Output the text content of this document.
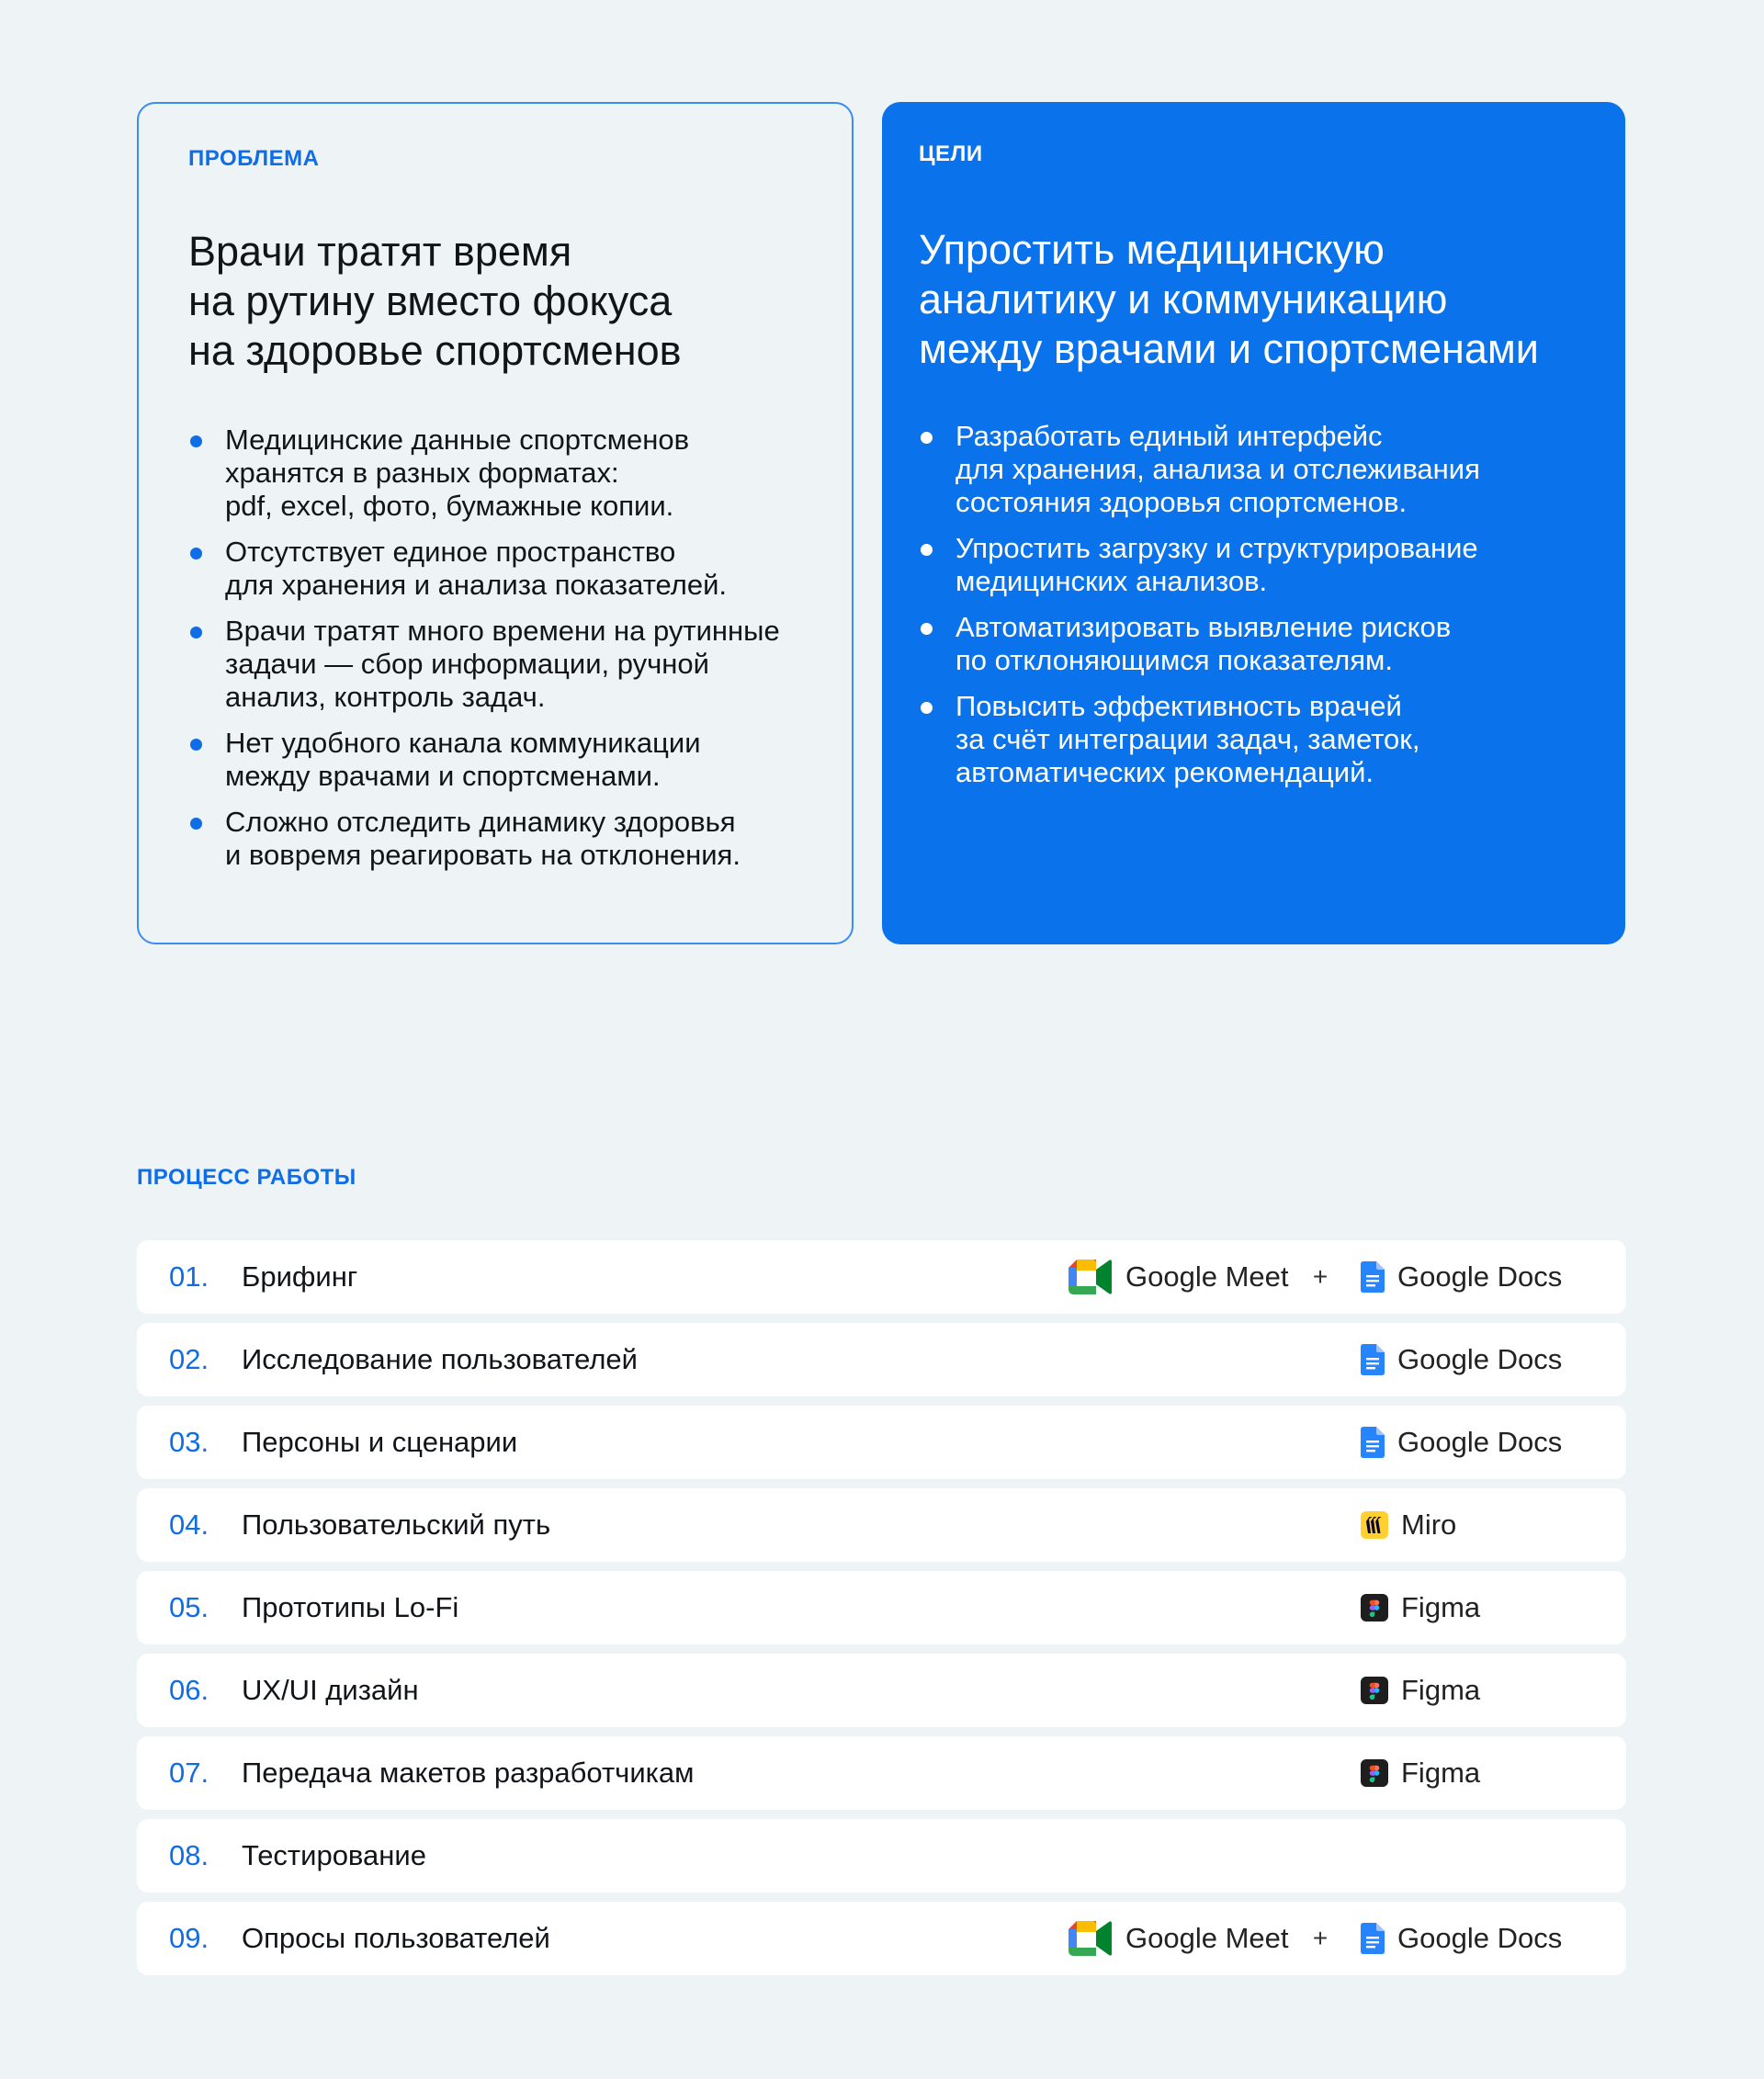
ПРОБЛЕМА
Врачи тратят время
на рутину вместо фокуса
на здоровье спортсменов
Медицинские данные спортсменов
хранятся в разных форматах:
pdf, excel, фото, бумажные копии.
Отсутствует единое пространство
для хранения и анализа показателей.
Врачи тратят много времени на рутинные
задачи — сбор информации, ручной
анализ, контроль задач.
Нет удобного канала коммуникации
между врачами и спортсменами.
Сложно отследить динамику здоровья
и вовремя реагировать на отклонения.
ЦЕЛИ
Упростить медицинскую
аналитику и коммуникацию
между врачами и спортсменами
Разработать единый интерфейс
для хранения, анализа и отслеживания
состояния здоровья спортсменов.
Упростить загрузку и структурирование
медицинских анализов.
Автоматизировать выявление рисков
по отклоняющимся показателям.
Повысить эффективность врачей
за счёт интеграции задач, заметок,
автоматических рекомендаций.
ПРОЦЕСС РАБОТЫ
01. Брифинг	Google Meet +	Google Docs
02. Исследование пользователей	Google Docs
03. Персоны и сценарии	Google Docs
04. Пользовательский путь	Miro
05. Прототипы Lo-Fi	Figma
06. UX/UI дизайн	Figma
07. Передача макетов разработчикам	Figma
08. Тестирование
09. Опросы пользователей	Google Meet +	Google Docs
